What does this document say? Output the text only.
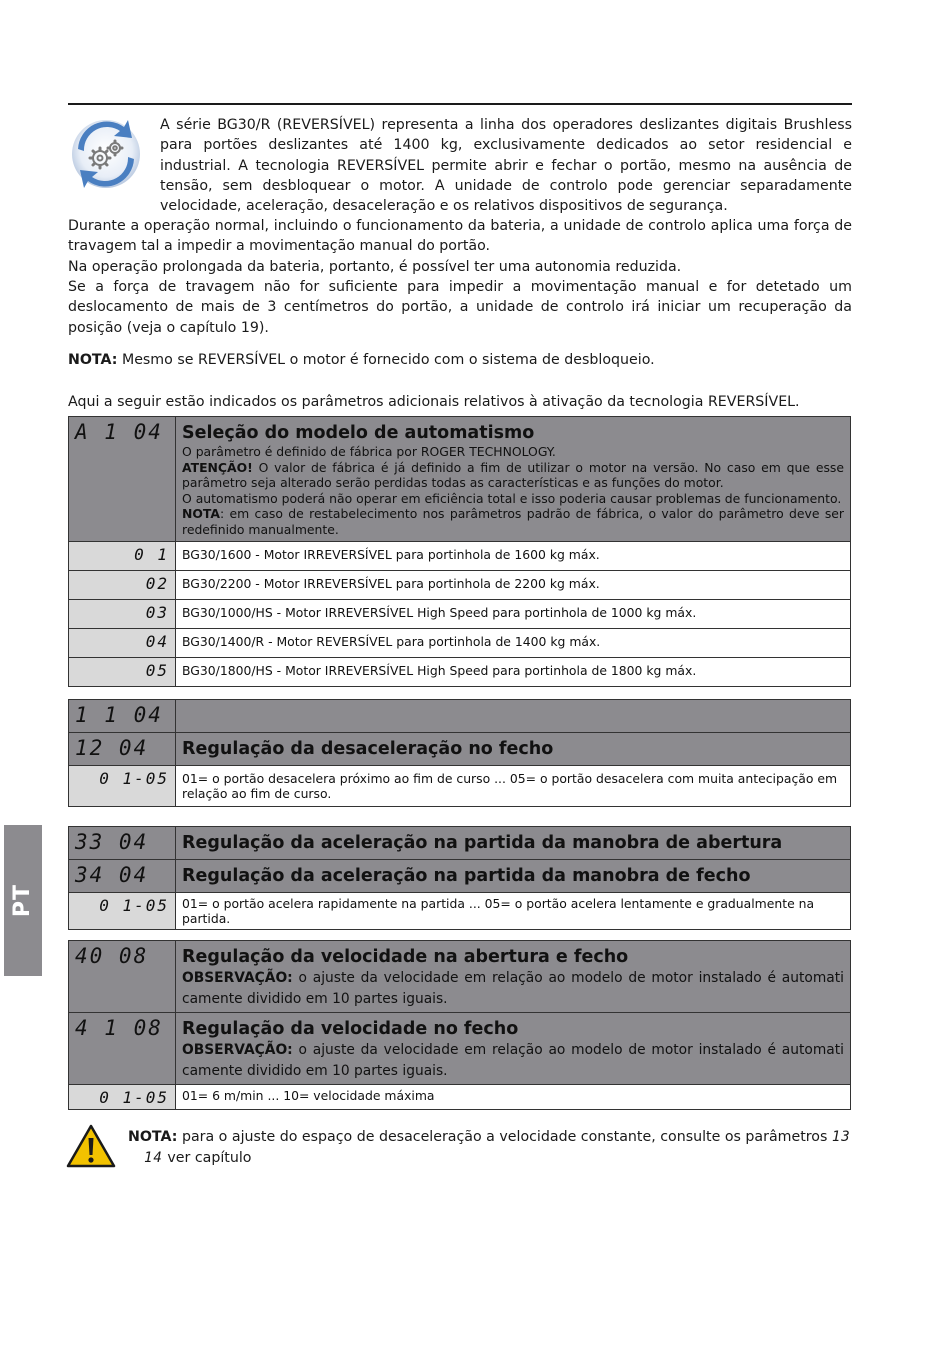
A série BG30/R (REVERSÍVEL) representa a linha dos operadores deslizantes digitais Brushless para portões deslizantes até 1400 kg, exclusivamente dedicados ao setor residencial e industrial. A tecnologia REVERSÍVEL permite abrir e fechar o portão, mesmo na ausência de tensão, sem desbloquear o motor. A unidade de controlo pode gerenciar separadamente velocidade, aceleração, desaceleração e os relativos dispositivos de segurança.

Durante a operação normal, incluindo o funcionamento da bateria, a unidade de controlo aplica uma força de travagem tal a impedir a movimentação manual do portão.

Na operação prolongada da bateria, portanto, é possível ter uma autonomia reduzida.

Se a força de travagem não for suficiente para impedir a movimentação manual e for detetado um deslocamento de mais de 3 centímetros do portão, a unidade de controlo irá iniciar um recuperação da posição (veja o capítulo 19).

NOTA: Mesmo se REVERSÍVEL o motor é fornecido com o sistema de desbloqueio.

Aqui a seguir estão indicados os parâmetros adicionais relativos à ativação da tecnologia REVERSÍVEL.

A 1 04	Seleção do modelo de automatismo
O parâmetro é definido de fábrica por ROGER TECHNOLOGY.
ATENÇÃO! O valor de fábrica é já definido a fim de utilizar o motor na versão. No caso em que esse parâmetro seja alterado serão perdidas todas as características e as funções do motor.
O automatismo poderá não operar em eficiência total e isso poderia causar problemas de funcionamento.
NOTA: em caso de restabelecimento nos parâmetros padrão de fábrica, o valor do parâmetro deve ser redefinido manualmente.

0 1	BG30/1600 - Motor IRREVERSÍVEL para portinhola de 1600 kg máx.

02	BG30/2200 - Motor IRREVERSÍVEL para portinhola de 2200 kg máx.

03	BG30/1000/HS - Motor IRREVERSÍVEL High Speed para portinhola de 1000 kg máx.

04	BG30/1400/R - Motor REVERSÍVEL para portinhola de 1400 kg máx.

05	BG30/1800/HS - Motor IRREVERSÍVEL High Speed para portinhola de 1800 kg máx.
1 1 04	

12 04	Regulação da desaceleração no fecho

0 1-05	01= o portão desacelera próximo ao fim de curso ... 05= o portão desacelera com muita antecipação em relação ao fim de curso.
33 04	Regulação da aceleração na partida da manobra de abertura

34 04	Regulação da aceleração na partida da manobra de fecho

0 1-05	01= o portão acelera rapidamente na partida ... 05= o portão acelera lentamente e gradualmente na partida.
40 08	Regulação da velocidade na abertura e fecho
OBSERVAÇÃO: o ajuste da velocidade em relação ao modelo de motor instalado é automati camente dividido em 10 partes iguais.

4 1 08	Regulação da velocidade no fecho
OBSERVAÇÃO: o ajuste da velocidade em relação ao modelo de motor instalado é automati camente dividido em 10 partes iguais.

0 1-05	01= 6 m/min ... 10= velocidade máxima
PT

NOTA: para o ajuste do espaço de desaceleração a velocidade constante, consulte os parâmetros 13
14 ver capítulo
